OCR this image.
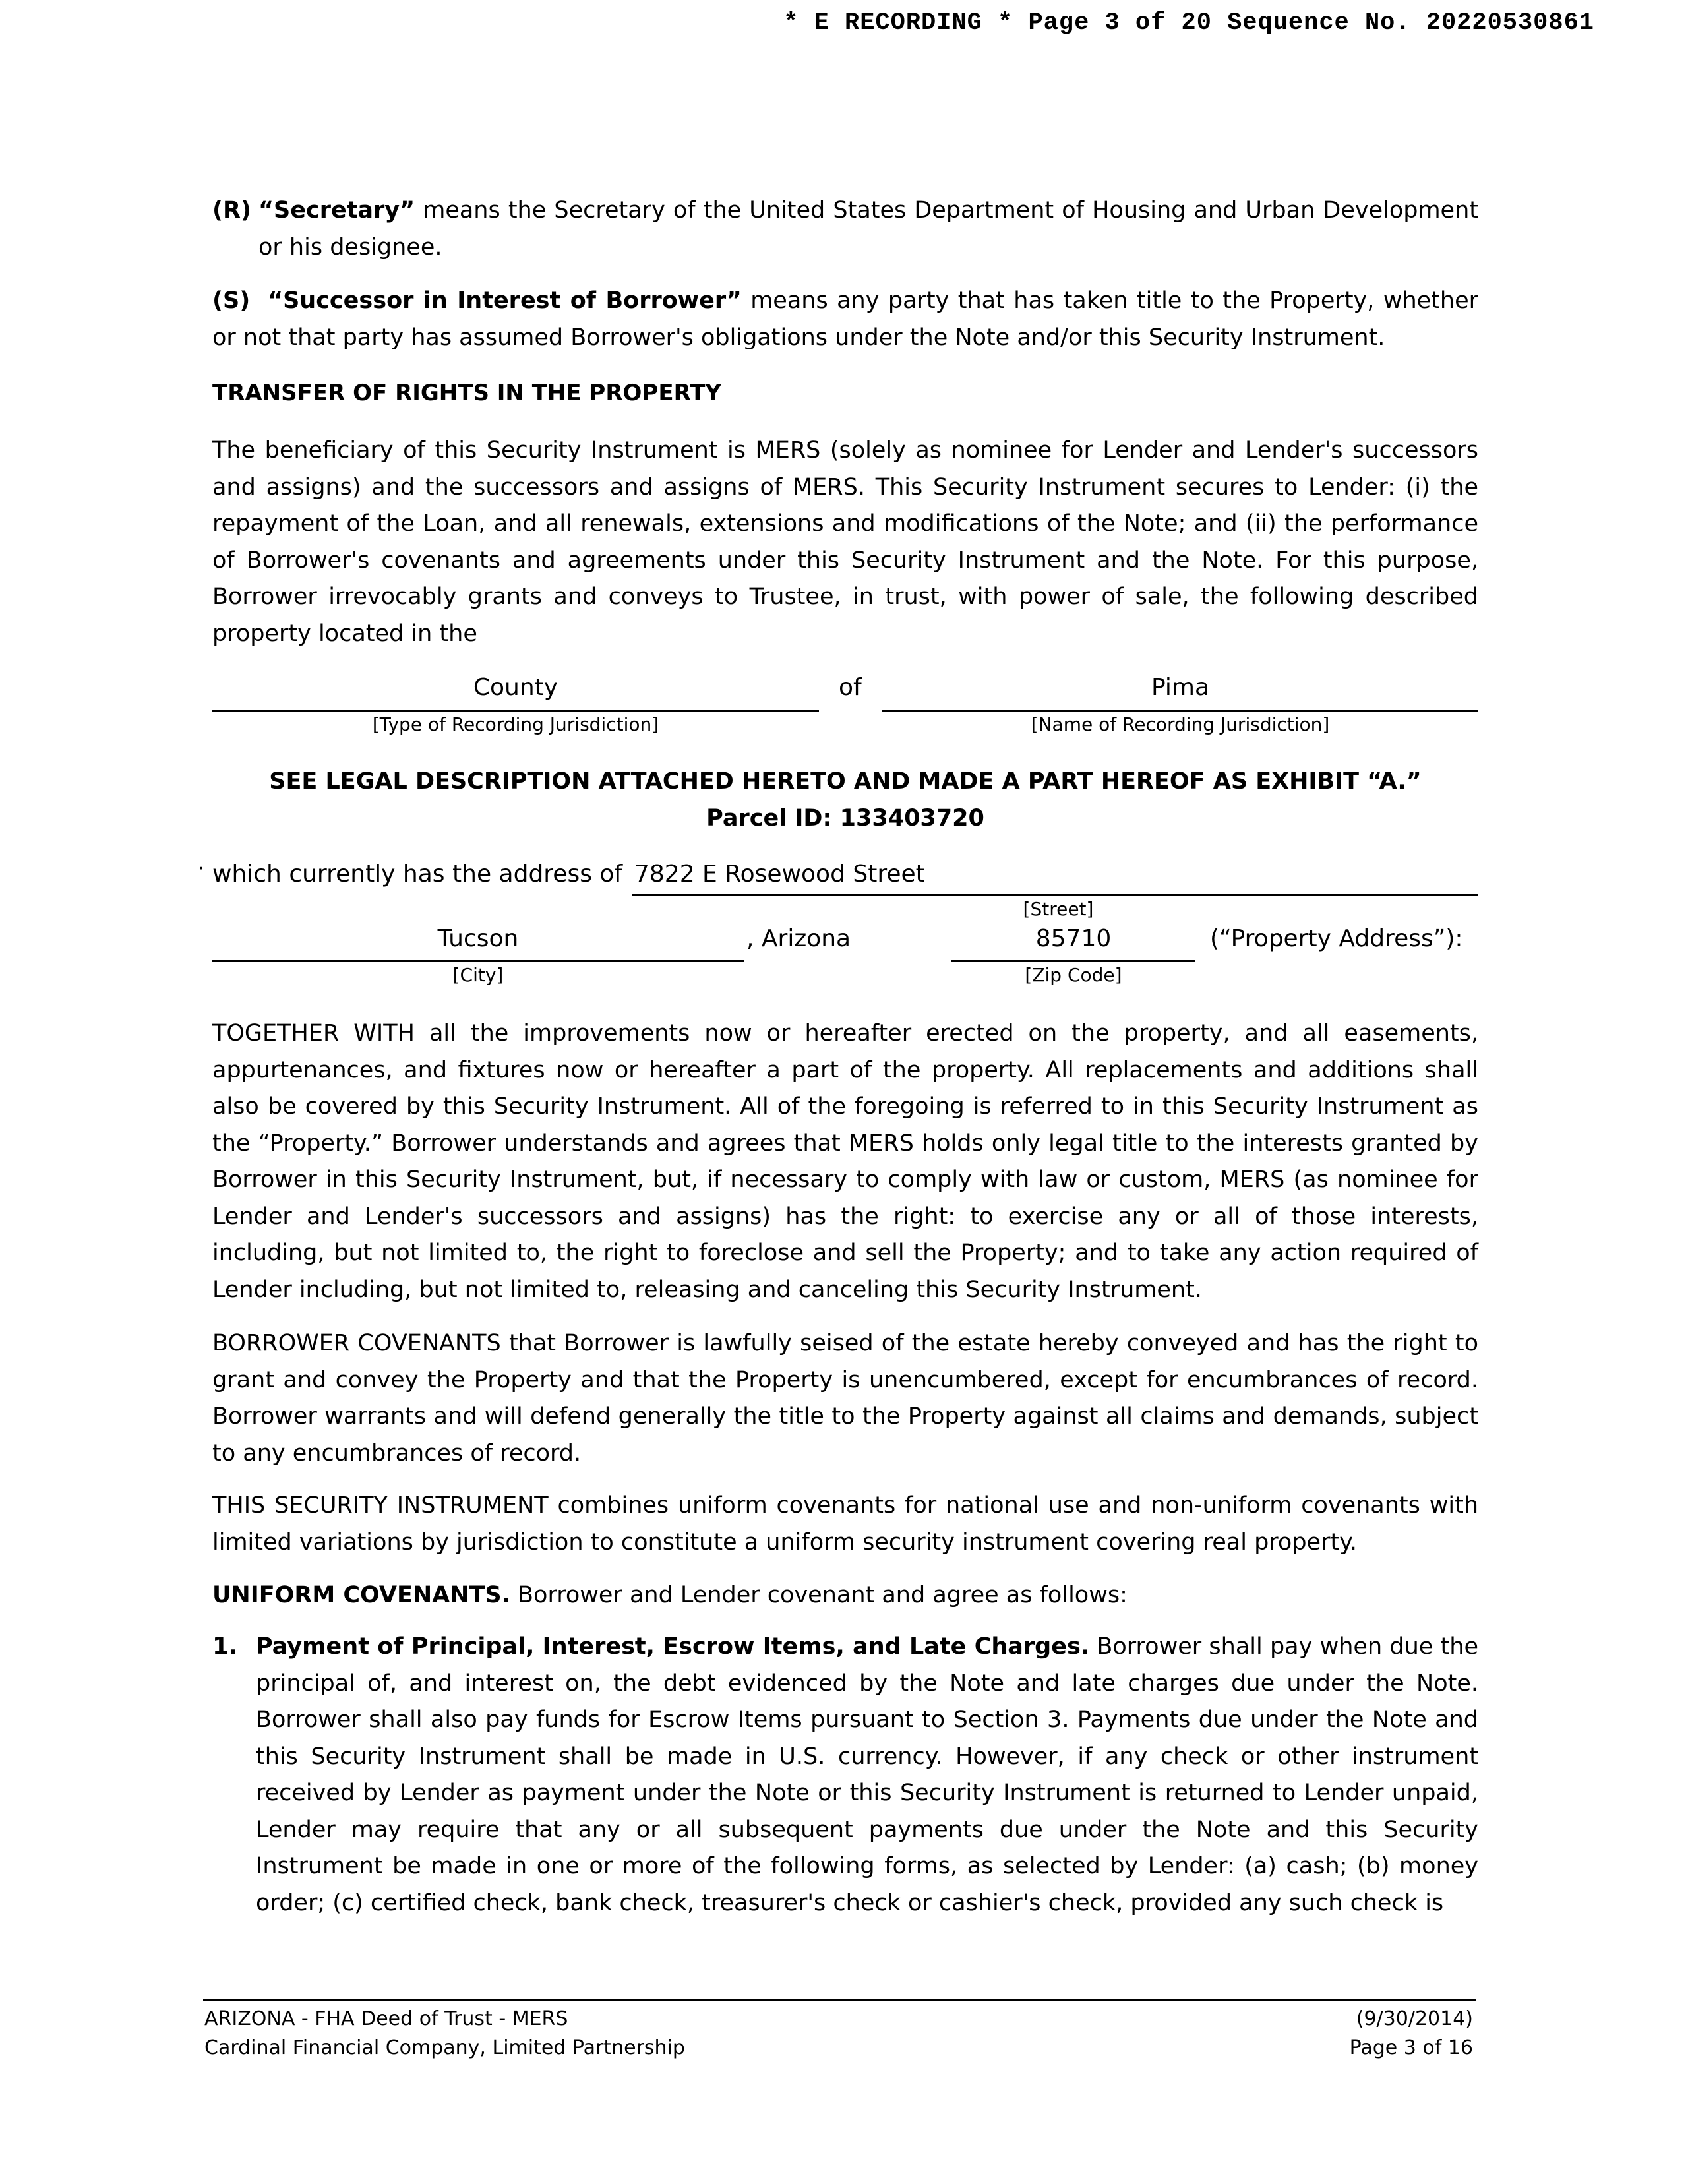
* E RECORDING * Page 3 of 20 Sequence No. 20220530861
(R) “Secretary” means the Secretary of the United States Department of Housing and Urban Development or his designee.
(S) “Successor in Interest of Borrower” means any party that has taken title to the Property, whether or not that party has assumed Borrower's obligations under the Note and/or this Security Instrument.
TRANSFER OF RIGHTS IN THE PROPERTY
The beneficiary of this Security Instrument is MERS (solely as nominee for Lender and Lender's successors and assigns) and the successors and assigns of MERS. This Security Instrument secures to Lender: (i) the repayment of the Loan, and all renewals, extensions and modifications of the Note; and (ii) the performance of Borrower's covenants and agreements under this Security Instrument and the Note. For this purpose, Borrower irrevocably grants and conveys to Trustee, in trust, with power of sale, the following described property located in the
County
[Type of Recording Jurisdiction]
of	Pima
[Name of Recording Jurisdiction]
SEE LEGAL DESCRIPTION ATTACHED HERETO AND MADE A PART HEREOF AS EXHIBIT “A.”
Parcel ID: 133403720
· which currently has the address of 7822 E Rosewood Street
[Street]
Tucson
[City]
, Arizona	85710
[Zip Code]
(“Property Address”):
TOGETHER WITH all the improvements now or hereafter erected on the property, and all easements, appurtenances, and fixtures now or hereafter a part of the property. All replacements and additions shall also be covered by this Security Instrument. All of the foregoing is referred to in this Security Instrument as the “Property.” Borrower understands and agrees that MERS holds only legal title to the interests granted by Borrower in this Security Instrument, but, if necessary to comply with law or custom, MERS (as nominee for Lender and Lender's successors and assigns) has the right: to exercise any or all of those interests, including, but not limited to, the right to foreclose and sell the Property; and to take any action required of Lender including, but not limited to, releasing and canceling this Security Instrument.
BORROWER COVENANTS that Borrower is lawfully seised of the estate hereby conveyed and has the right to grant and convey the Property and that the Property is unencumbered, except for encumbrances of record. Borrower warrants and will defend generally the title to the Property against all claims and demands, subject to any encumbrances of record.
THIS SECURITY INSTRUMENT combines uniform covenants for national use and non-uniform covenants with limited variations by jurisdiction to constitute a uniform security instrument covering real property.
UNIFORM COVENANTS. Borrower and Lender covenant and agree as follows:
1. Payment of Principal, Interest, Escrow Items, and Late Charges. Borrower shall pay when due the principal of, and interest on, the debt evidenced by the Note and late charges due under the Note. Borrower shall also pay funds for Escrow Items pursuant to Section 3. Payments due under the Note and this Security Instrument shall be made in U.S. currency. However, if any check or other instrument received by Lender as payment under the Note or this Security Instrument is returned to Lender unpaid, Lender may require that any or all subsequent payments due under the Note and this Security Instrument be made in one or more of the following forms, as selected by Lender: (a) cash; (b) money order; (c) certified check, bank check, treasurer's check or cashier's check, provided any such check is
ARIZONA - FHA Deed of Trust - MERS
Cardinal Financial Company, Limited Partnership
(9/30/2014)
Page 3 of 16
